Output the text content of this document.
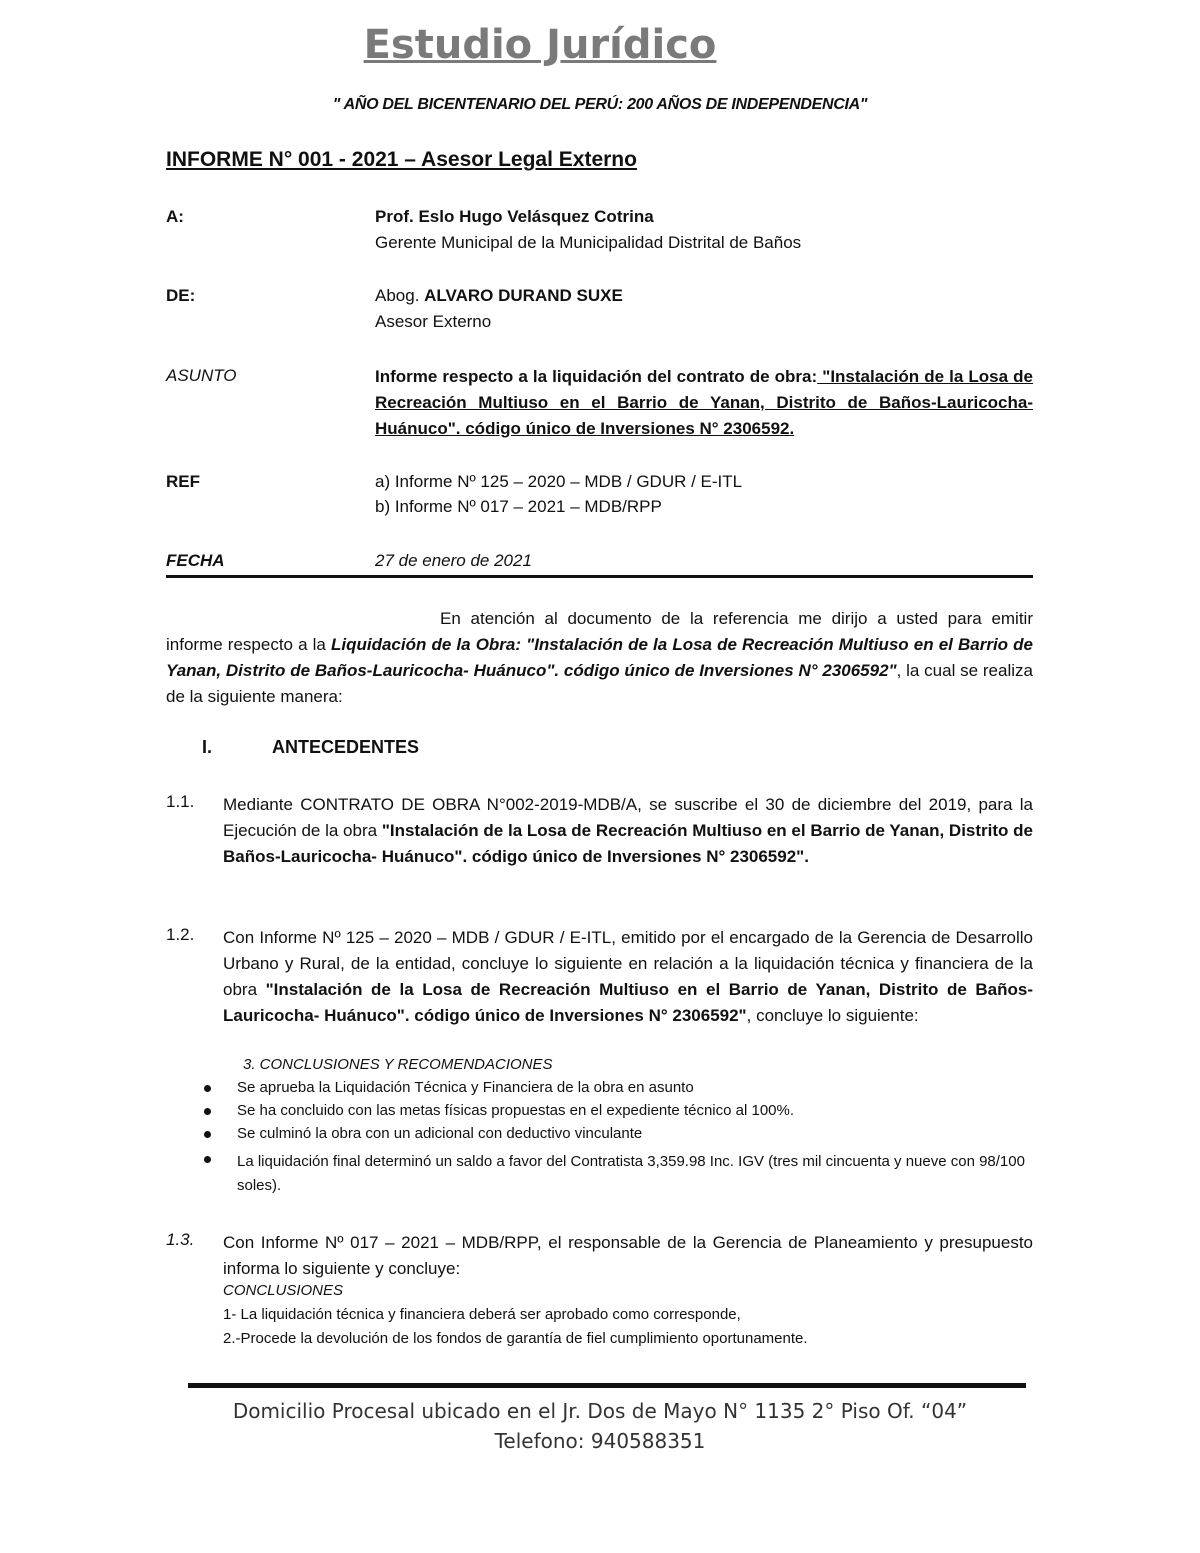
Estudio Jurídico
" AÑO DEL BICENTENARIO DEL PERÚ: 200 AÑOS DE INDEPENDENCIA"
INFORME N° 001 - 2021 – Asesor Legal Externo
A:	Prof. Eslo Hugo Velásquez Cotrina
Gerente Municipal de la Municipalidad Distrital de Baños
DE:	Abog. ALVARO DURAND SUXE
Asesor Externo
ASUNTO	Informe respecto a la liquidación del contrato de obra: "Instalación de la Losa de Recreación Multiuso en el Barrio de Yanan, Distrito de Baños-Lauricocha- Huánuco". código único de Inversiones N° 2306592.
REF	a) Informe Nº 125 – 2020 – MDB / GDUR / E-ITL
b) Informe Nº 017 – 2021 – MDB/RPP
FECHA	27 de enero de 2021
En atención al documento de la referencia me dirijo a usted para emitir informe respecto a la Liquidación de la Obra: "Instalación de la Losa de Recreación Multiuso en el Barrio de Yanan, Distrito de Baños-Lauricocha- Huánuco". código único de Inversiones N° 2306592", la cual se realiza de la siguiente manera:
I.	ANTECEDENTES
1.1. Mediante CONTRATO DE OBRA N°002-2019-MDB/A, se suscribe el 30 de diciembre del 2019, para la Ejecución de la obra "Instalación de la Losa de Recreación Multiuso en el Barrio de Yanan, Distrito de Baños-Lauricocha- Huánuco". código único de Inversiones N° 2306592".
1.2. Con Informe Nº 125 – 2020 – MDB / GDUR / E-ITL, emitido por el encargado de la Gerencia de Desarrollo Urbano y Rural, de la entidad, concluye lo siguiente en relación a la liquidación técnica y financiera de la obra "Instalación de la Losa de Recreación Multiuso en el Barrio de Yanan, Distrito de Baños-Lauricocha- Huánuco". código único de Inversiones N° 2306592", concluye lo siguiente:
3. CONCLUSIONES Y RECOMENDACIONES
Se aprueba la Liquidación Técnica y Financiera de la obra en asunto
Se ha concluido con las metas físicas propuestas en el expediente técnico al 100%.
Se culminó la obra con un adicional con deductivo vinculante
La liquidación final determinó un saldo a favor del Contratista 3,359.98 Inc. IGV (tres mil cincuenta y nueve con 98/100 soles).
1.3. Con Informe Nº 017 – 2021 – MDB/RPP, el responsable de la Gerencia de Planeamiento y presupuesto informa lo siguiente y concluye:
CONCLUSIONES
1- La liquidación técnica y financiera deberá ser aprobado como corresponde,
2.-Procede la devolución de los fondos de garantía de fiel cumplimiento oportunamente.
Domicilio Procesal ubicado en el Jr. Dos de Mayo N° 1135 2° Piso Of. “04”
Telefono: 940588351
